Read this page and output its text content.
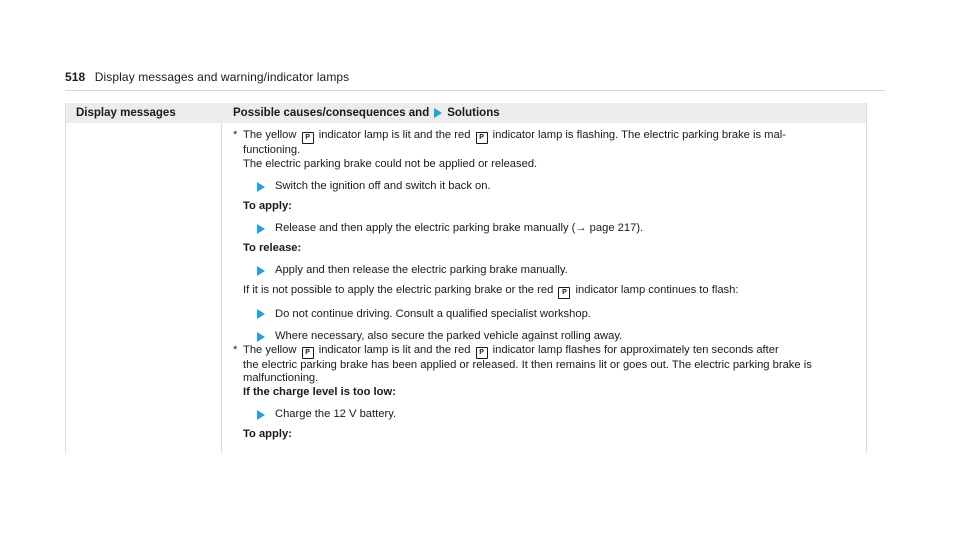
518 Display messages and warning/indicator lamps
Display messages	Possible causes/consequences and Solutions
* The yellow P indicator lamp is lit and the red P indicator lamp is flashing. The electric parking brake is mal-
functioning.
The electric parking brake could not be applied or released.
Switch the ignition off and switch it back on.
To apply:
Release and then apply the electric parking brake manually (→ page 217).
To release:
Apply and then release the electric parking brake manually.
If it is not possible to apply the electric parking brake or the red P indicator lamp continues to flash:
Do not continue driving. Consult a qualified specialist workshop.
Where necessary, also secure the parked vehicle against rolling away.
* The yellow P indicator lamp is lit and the red P indicator lamp flashes for approximately ten seconds after
the electric parking brake has been applied or released. It then remains lit or goes out. The electric parking brake is
malfunctioning.
If the charge level is too low:
Charge the 12 V battery.
To apply:
